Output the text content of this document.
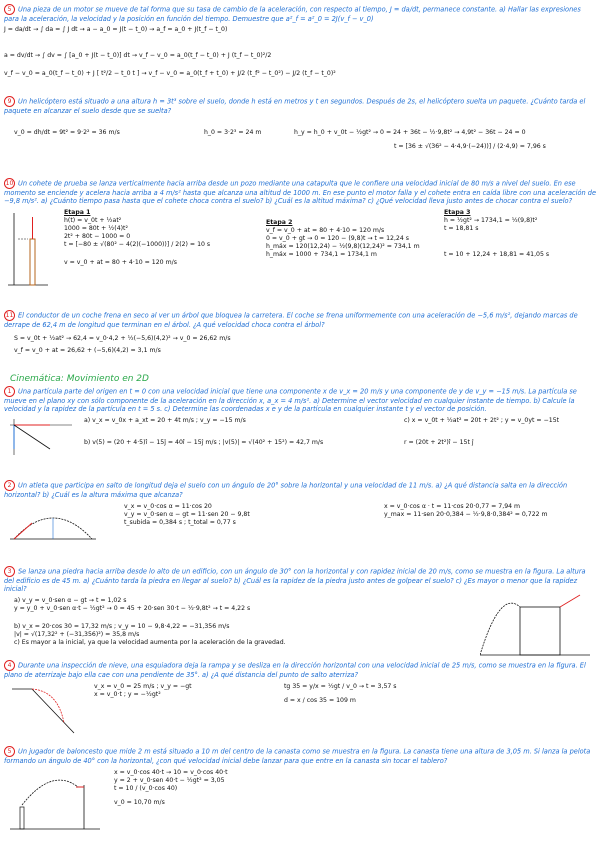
5 Una pieza de un motor se mueve de tal forma que su tasa de cambio de la aceleración, con respecto al tiempo, J = da/dt, permanece constante. a) Hallar las expresiones para la aceleración, la velocidad y la posición en función del tiempo. Demuestre que a²_f = a²_0 = 2J(v_f − v_0)
J = da/dt → ∫ da = ∫ J dt → a − a_0 = J(t − t_0) → a_f = a_0 + J(t_f − t_0)
a = dv/dt → ∫ dv = ∫ [a_0 + J(t − t_0)] dt → v_f − v_0 = a_0(t_f − t_0) + J (t_f − t_0)²/2
v_f − v_0 = a_0(t_f − t_0) + J [ t²/2 − t_0 t ] → v_f − v_0 = a_0(t_f + t_0) + J/2 (t_f² − t_0²) − J/2 (t_f − t_0)²
9 Un helicóptero está situado a una altura h = 3t³ sobre el suelo, donde h está en metros y t en segundos. Después de 2s, el helicóptero suelta un paquete. ¿Cuánto tarda el paquete en alcanzar el suelo desde que se suelta?
v_0 = dh/dt = 9t² = 9·2² = 36 m/s	h_0 = 3·2³ = 24 m	h_y = h_0 + v_0t − ½gt² → 0 = 24 + 36t − ½·9,8t² → 4,9t² − 36t − 24 = 0
t = [36 ± √(36² − 4·4,9·(−24))] / (2·4,9) = 7,96 s
10 Un cohete de prueba se lanza verticalmente hacia arriba desde un pozo mediante una catapulta que le confiere una velocidad inicial de 80 m/s a nivel del suelo. En ese momento se enciende y acelera hacia arriba a 4 m/s² hasta que alcanza una altitud de 1000 m. En ese punto el motor falla y el cohete entra en caída libre con una aceleración de −9,8 m/s². a) ¿Cuánto tiempo pasa hasta que el cohete choca contra el suelo? b) ¿Cuál es la altitud máxima? c) ¿Qué velocidad lleva justo antes de chocar contra el suelo?
Etapa 1
h(t) = v_0t + ½at²
1000 = 80t + ½(4)t²
2t² + 80t − 1000 = 0
t = [−80 ± √(80² − 4(2)(−1000))] / 2(2) = 10 s
v = v_0 + at = 80 + 4·10 = 120 m/s
Etapa 2
v_f = v_0 + at = 80 + 4·10 = 120 m/s
0 = v_0 + gt → 0 = 120 − (9,8)t → t = 12,24 s
h_máx = 120(12,24) − ½(9,8)(12,24)² = 734,1 m
h_máx = 1000 + 734,1 = 1734,1 m
Etapa 3
h = ½gt² → 1734,1 = ½(9,8)t²
t = 18,81 s
t = 10 + 12,24 + 18,81 = 41,05 s
11 El conductor de un coche frena en seco al ver un árbol que bloquea la carretera. El coche se frena uniformemente con una aceleración de −5,6 m/s², dejando marcas de derrape de 62,4 m de longitud que terminan en el árbol. ¿A qué velocidad choca contra el árbol?
S = v_0t + ½at² → 62,4 = v_0·4,2 + ½(−5,6)(4,2)² → v_0 = 26,62 m/s
v_f = v_0 + at = 26,62 + (−5,6)(4,2) = 3,1 m/s
Cinemática: Movimiento en 2D
1 Una partícula parte del origen en t = 0 con una velocidad inicial que tiene una componente x de v_x = 20 m/s y una componente de y de v_y = −15 m/s. La partícula se mueve en el plano xy con sólo componente de la aceleración en la dirección x, a_x = 4 m/s². a) Determine el vector velocidad en cualquier instante de tiempo. b) Calcule la velocidad y la rapidez de la partícula en t = 5 s. c) Determine las coordenadas x e y de la partícula en cualquier instante t y el vector de posición.
a) v_x = v_0x + a_xt = 20 + 4t m/s ; v_y = −15 m/s
b) v(5) = (20 + 4·5)î − 15ĵ = 40î − 15ĵ m/s ; |v(5)| = √(40² + 15²) = 42,7 m/s
c) x = v_0t + ½at² = 20t + 2t² ; y = v_0yt = −15t
r = (20t + 2t²)î − 15t ĵ
2 Un atleta que participa en salto de longitud deja el suelo con un ángulo de 20° sobre la horizontal y una velocidad de 11 m/s. a) ¿A qué distancia salta en la dirección horizontal? b) ¿Cuál es la altura máxima que alcanza?
v_x = v_0·cos α = 11·cos 20
v_y = v_0·sen α − gt = 11·sen 20 − 9,8t
t_subida = 0,384 s ; t_total = 0,77 s
x = v_0·cos α · t = 11·cos 20·0,77 = 7,94 m
y_max = 11·sen 20·0,384 − ½·9,8·0,384² = 0,722 m
3 Se lanza una piedra hacia arriba desde lo alto de un edificio, con un ángulo de 30° con la horizontal y con rapidez inicial de 20 m/s, como se muestra en la figura. La altura del edificio es de 45 m. a) ¿Cuánto tarda la piedra en llegar al suelo? b) ¿Cuál es la rapidez de la piedra justo antes de golpear el suelo? c) ¿Es mayor o menor que la rapidez inicial?
a) v_y = v_0·sen α − gt → t = 1,02 s
y = y_0 + v_0·sen α·t − ½gt² → 0 = 45 + 20·sen 30·t − ½·9,8t² → t = 4,22 s
b) v_x = 20·cos 30 = 17,32 m/s ; v_y = 10 − 9,8·4,22 = −31,356 m/s
|v| = √(17,32² + (−31,356)²) = 35,8 m/s
c) Es mayor a la inicial, ya que la velocidad aumenta por la aceleración de la gravedad.
4 Durante una inspección de nieve, una esquiadora deja la rampa y se desliza en la dirección horizontal con una velocidad inicial de 25 m/s, como se muestra en la figura. El plano de aterrizaje bajo ella cae con una pendiente de 35°. a) ¿A qué distancia del punto de salto aterriza?
v_x = v_0 = 25 m/s ; v_y = −gt
x = v_0·t ; y = −½gt²
tg 35 = y/x = ½gt / v_0 → t = 3,57 s
d = x / cos 35 = 109 m
5 Un jugador de baloncesto que mide 2 m está situado a 10 m del centro de la canasta como se muestra en la figura. La canasta tiene una altura de 3,05 m. Si lanza la pelota formando un ángulo de 40° con la horizontal, ¿con qué velocidad inicial debe lanzar para que entre en la canasta sin tocar el tablero?
x = v_0·cos 40·t → 10 = v_0·cos 40·t
y = 2 + v_0·sen 40·t − ½gt² = 3,05
t = 10 / (v_0·cos 40)
v_0 = 10,70 m/s
